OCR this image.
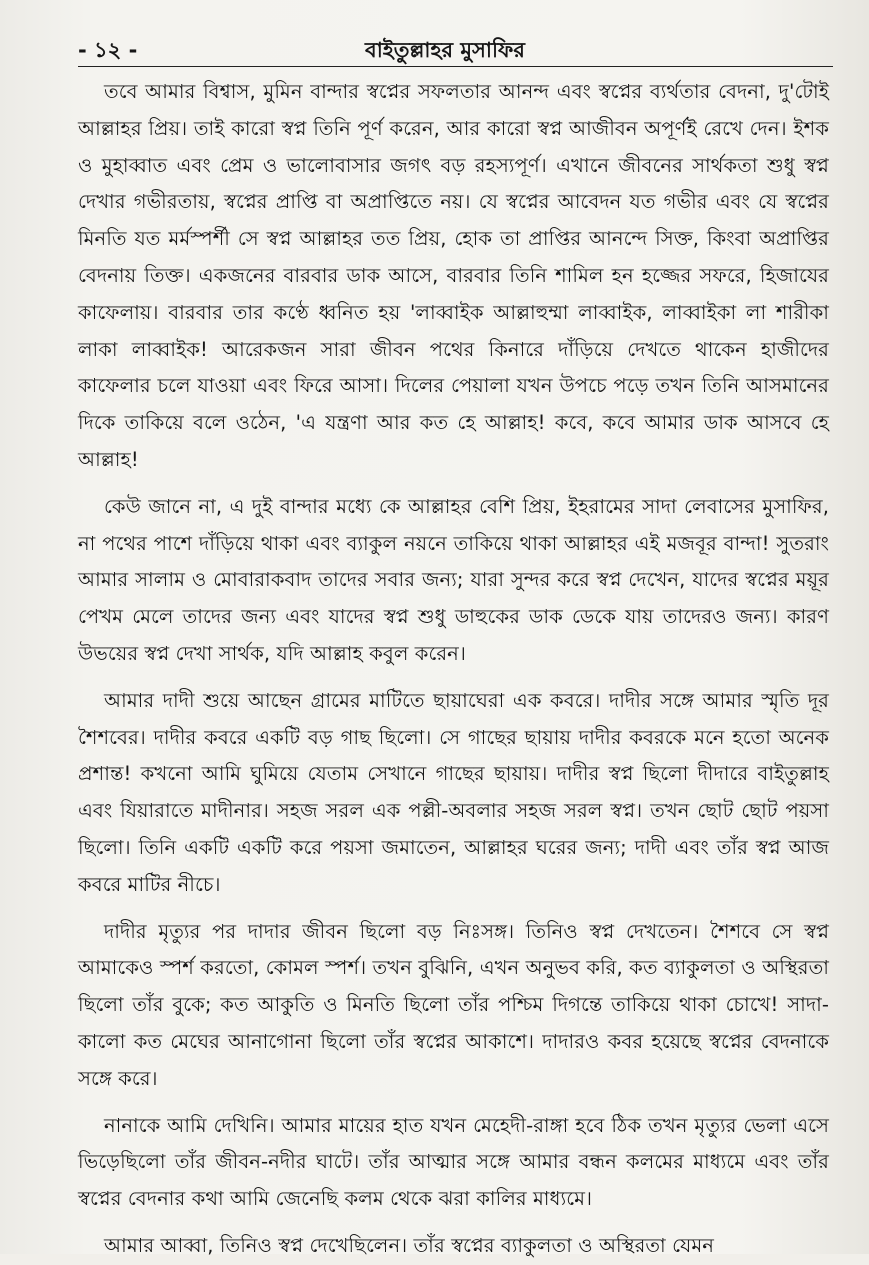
- ১২ -	বাইতুল্লাহর মুসাফির

তবে আমার বিশ্বাস, মুমিন বান্দার স্বপ্নের সফলতার আনন্দ এবং স্বপ্নের ব্যর্থতার বেদনা, দু'টোই আল্লাহর প্রিয়। তাই কারো স্বপ্ন তিনি পূর্ণ করেন, আর কারো স্বপ্ন আজীবন অপূর্ণই রেখে দেন। ইশক ও মুহাব্বাত এবং প্রেম ও ভালোবাসার জগৎ বড় রহস্যপূর্ণ। এখানে জীবনের সার্থকতা শুধু স্বপ্ন দেখার গভীরতায়, স্বপ্নের প্রাপ্তি বা অপ্রাপ্তিতে নয়। যে স্বপ্নের আবেদন যত গভীর এবং যে স্বপ্নের মিনতি যত মর্মস্পর্শী সে স্বপ্ন আল্লাহর তত প্রিয়, হোক তা প্রাপ্তির আনন্দে সিক্ত, কিংবা অপ্রাপ্তির বেদনায় তিক্ত। একজনের বারবার ডাক আসে, বারবার তিনি শামিল হন হজ্জের সফরে, হিজাযের কাফেলায়। বারবার তার কণ্ঠে ধ্বনিত হয় 'লাব্বাইক আল্লাহুম্মা লাব্বাইক, লাব্বাইকা লা শারীকা লাকা লাব্বাইক! আরেকজন সারা জীবন পথের কিনারে দাঁড়িয়ে দেখতে থাকেন হাজীদের কাফেলার চলে যাওয়া এবং ফিরে আসা। দিলের পেয়ালা যখন উপচে পড়ে তখন তিনি আসমানের দিকে তাকিয়ে বলে ওঠেন, 'এ যন্ত্রণা আর কত হে আল্লাহ! কবে, কবে আমার ডাক আসবে হে আল্লাহ!

কেউ জানে না, এ দুই বান্দার মধ্যে কে আল্লাহর বেশি প্রিয়, ইহরামের সাদা লেবাসের মুসাফির, না পথের পাশে দাঁড়িয়ে থাকা এবং ব্যাকুল নয়নে তাকিয়ে থাকা আল্লাহর এই মজবূর বান্দা! সুতরাং আমার সালাম ও মোবারাকবাদ তাদের সবার জন্য; যারা সুন্দর করে স্বপ্ন দেখেন, যাদের স্বপ্নের ময়ূর পেখম মেলে তাদের জন্য এবং যাদের স্বপ্ন শুধু ডাহুকের ডাক ডেকে যায় তাদেরও জন্য। কারণ উভয়ের স্বপ্ন দেখা সার্থক, যদি আল্লাহ কবুল করেন।

আমার দাদী শুয়ে আছেন গ্রামের মাটিতে ছায়াঘেরা এক কবরে। দাদীর সঙ্গে আমার স্মৃতি দূর শৈশবের। দাদীর কবরে একটি বড় গাছ ছিলো। সে গাছের ছায়ায় দাদীর কবরকে মনে হতো অনেক প্রশান্ত! কখনো আমি ঘুমিয়ে যেতাম সেখানে গাছের ছায়ায়। দাদীর স্বপ্ন ছিলো দীদারে বাইতুল্লাহ এবং যিয়ারাতে মাদীনার। সহজ সরল এক পল্লী-অবলার সহজ সরল স্বপ্ন। তখন ছোট ছোট পয়সা ছিলো। তিনি একটি একটি করে পয়সা জমাতেন, আল্লাহর ঘরের জন্য; দাদী এবং তাঁর স্বপ্ন আজ কবরে মাটির নীচে।

দাদীর মৃত্যুর পর দাদার জীবন ছিলো বড় নিঃসঙ্গ। তিনিও স্বপ্ন দেখতেন। শৈশবে সে স্বপ্ন আমাকেও স্পর্শ করতো, কোমল স্পর্শ। তখন বুঝিনি, এখন অনুভব করি, কত ব্যাকুলতা ও অস্থিরতা ছিলো তাঁর বুকে; কত আকুতি ও মিনতি ছিলো তাঁর পশ্চিম দিগন্তে তাকিয়ে থাকা চোখে! সাদা-কালো কত মেঘের আনাগোনা ছিলো তাঁর স্বপ্নের আকাশে। দাদারও কবর হয়েছে স্বপ্নের বেদনাকে সঙ্গে করে।

নানাকে আমি দেখিনি। আমার মায়ের হাত যখন মেহেদী-রাঙ্গা হবে ঠিক তখন মৃত্যুর ভেলা এসে ভিড়েছিলো তাঁর জীবন-নদীর ঘাটে। তাঁর আত্মার সঙ্গে আমার বন্ধন কলমের মাধ্যমে এবং তাঁর স্বপ্নের বেদনার কথা আমি জেনেছি কলম থেকে ঝরা কালির মাধ্যমে।

আমার আব্বা, তিনিও স্বপ্ন দেখেছিলেন। তাঁর স্বপ্নের ব্যাকুলতা ও অস্থিরতা যেমন
